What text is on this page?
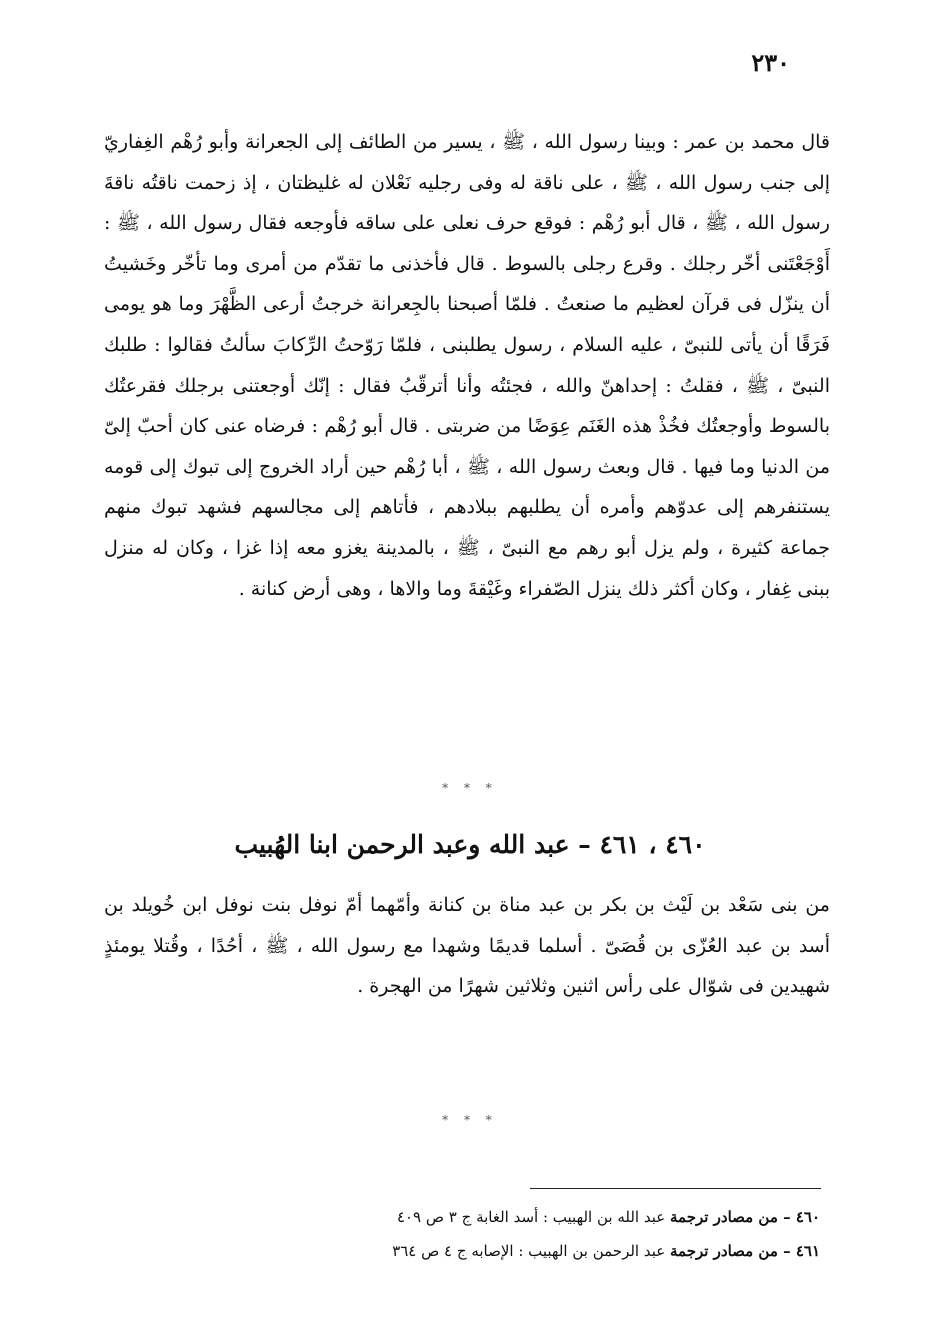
٢٣٠

قال محمد بن عمر : وبينا رسول الله ، ﷺ ، يسير من الطائف إلى الجعرانة وأبو رُهْم الغِفاريّ إلى جنب رسول الله ، ﷺ ، على ناقة له وفى رجليه نَعْلان له غليظتان ، إذ زحمت ناقتُه ناقةَ رسول الله ، ﷺ ، قال أبو رُهْم : فوقع حرف نعلى على ساقه فأوجعه فقال رسول الله ، ﷺ : أَوْجَعْتَنى أخّر رجلك . وقرع رجلى بالسوط . قال فأخذنى ما تقدّم من أمرى وما تأخّر وخَشيتُ أن ينزّل فى قرآن لعظيم ما صنعتُ . فلمّا أصبحنا بالجِعرانة خرجتُ أرعى الظَّهْرَ وما هو يومى فَرَقًا أن يأتى للنبىّ ، عليه السلام ، رسول يطلبنى ، فلمّا رَوّحتُ الرِّكابَ سألتُ فقالوا : طلبك النبىّ ، ﷺ ، فقلتُ : إحداهنّ والله ، فجئتُه وأنا أترقّبُ فقال : إنّك أوجعتنى برجلك فقرعتُك بالسوط وأوجعتُك فخُذْ هذه الغَنَم عِوَضًا من ضربتى . قال أبو رُهْم : فرضاه عنى كان أحبّ إلىّ من الدنيا وما فيها . قال وبعث رسول الله ، ﷺ ، أبا رُهْم حين أراد الخروج إلى تبوك إلى قومه يستنفرهم إلى عدوّهم وأمره أن يطلبهم ببلادهم ، فأتاهم إلى مجالسهم فشهد تبوك منهم جماعة كثيرة ، ولم يزل أبو رهم مع النبىّ ، ﷺ ، بالمدينة يغزو معه إذا غزا ، وكان له منزل ببنى غِفار ، وكان أكثر ذلك ينزل الصّفراء وغَيْقةَ وما والاها ، وهى أرض كنانة .

* * *
٤٦٠ ، ٤٦١ – عبد الله وعبد الرحمن ابنا الهُبيب

من بنى سَعْد بن لَيْث بن بكر بن عبد مناة بن كنانة وأمّهما أمّ نوفل بنت نوفل ابن خُويلد بن أسد بن عبد العُزّى بن قُصَىّ . أسلما قديمًا وشهدا مع رسول الله ، ﷺ ، أحُدًا ، وقُتلا يومئذٍ شهيدين فى شوّال على رأس اثنين وثلاثين شهرًا من الهجرة .

* * *
٤٦٠ – من مصادر ترجمة عبد الله بن الهبيب : أسد الغابة ج ٣ ص ٤٠٩
٤٦١ – من مصادر ترجمة عبد الرحمن بن الهبيب : الإصابه ج ٤ ص ٣٦٤
